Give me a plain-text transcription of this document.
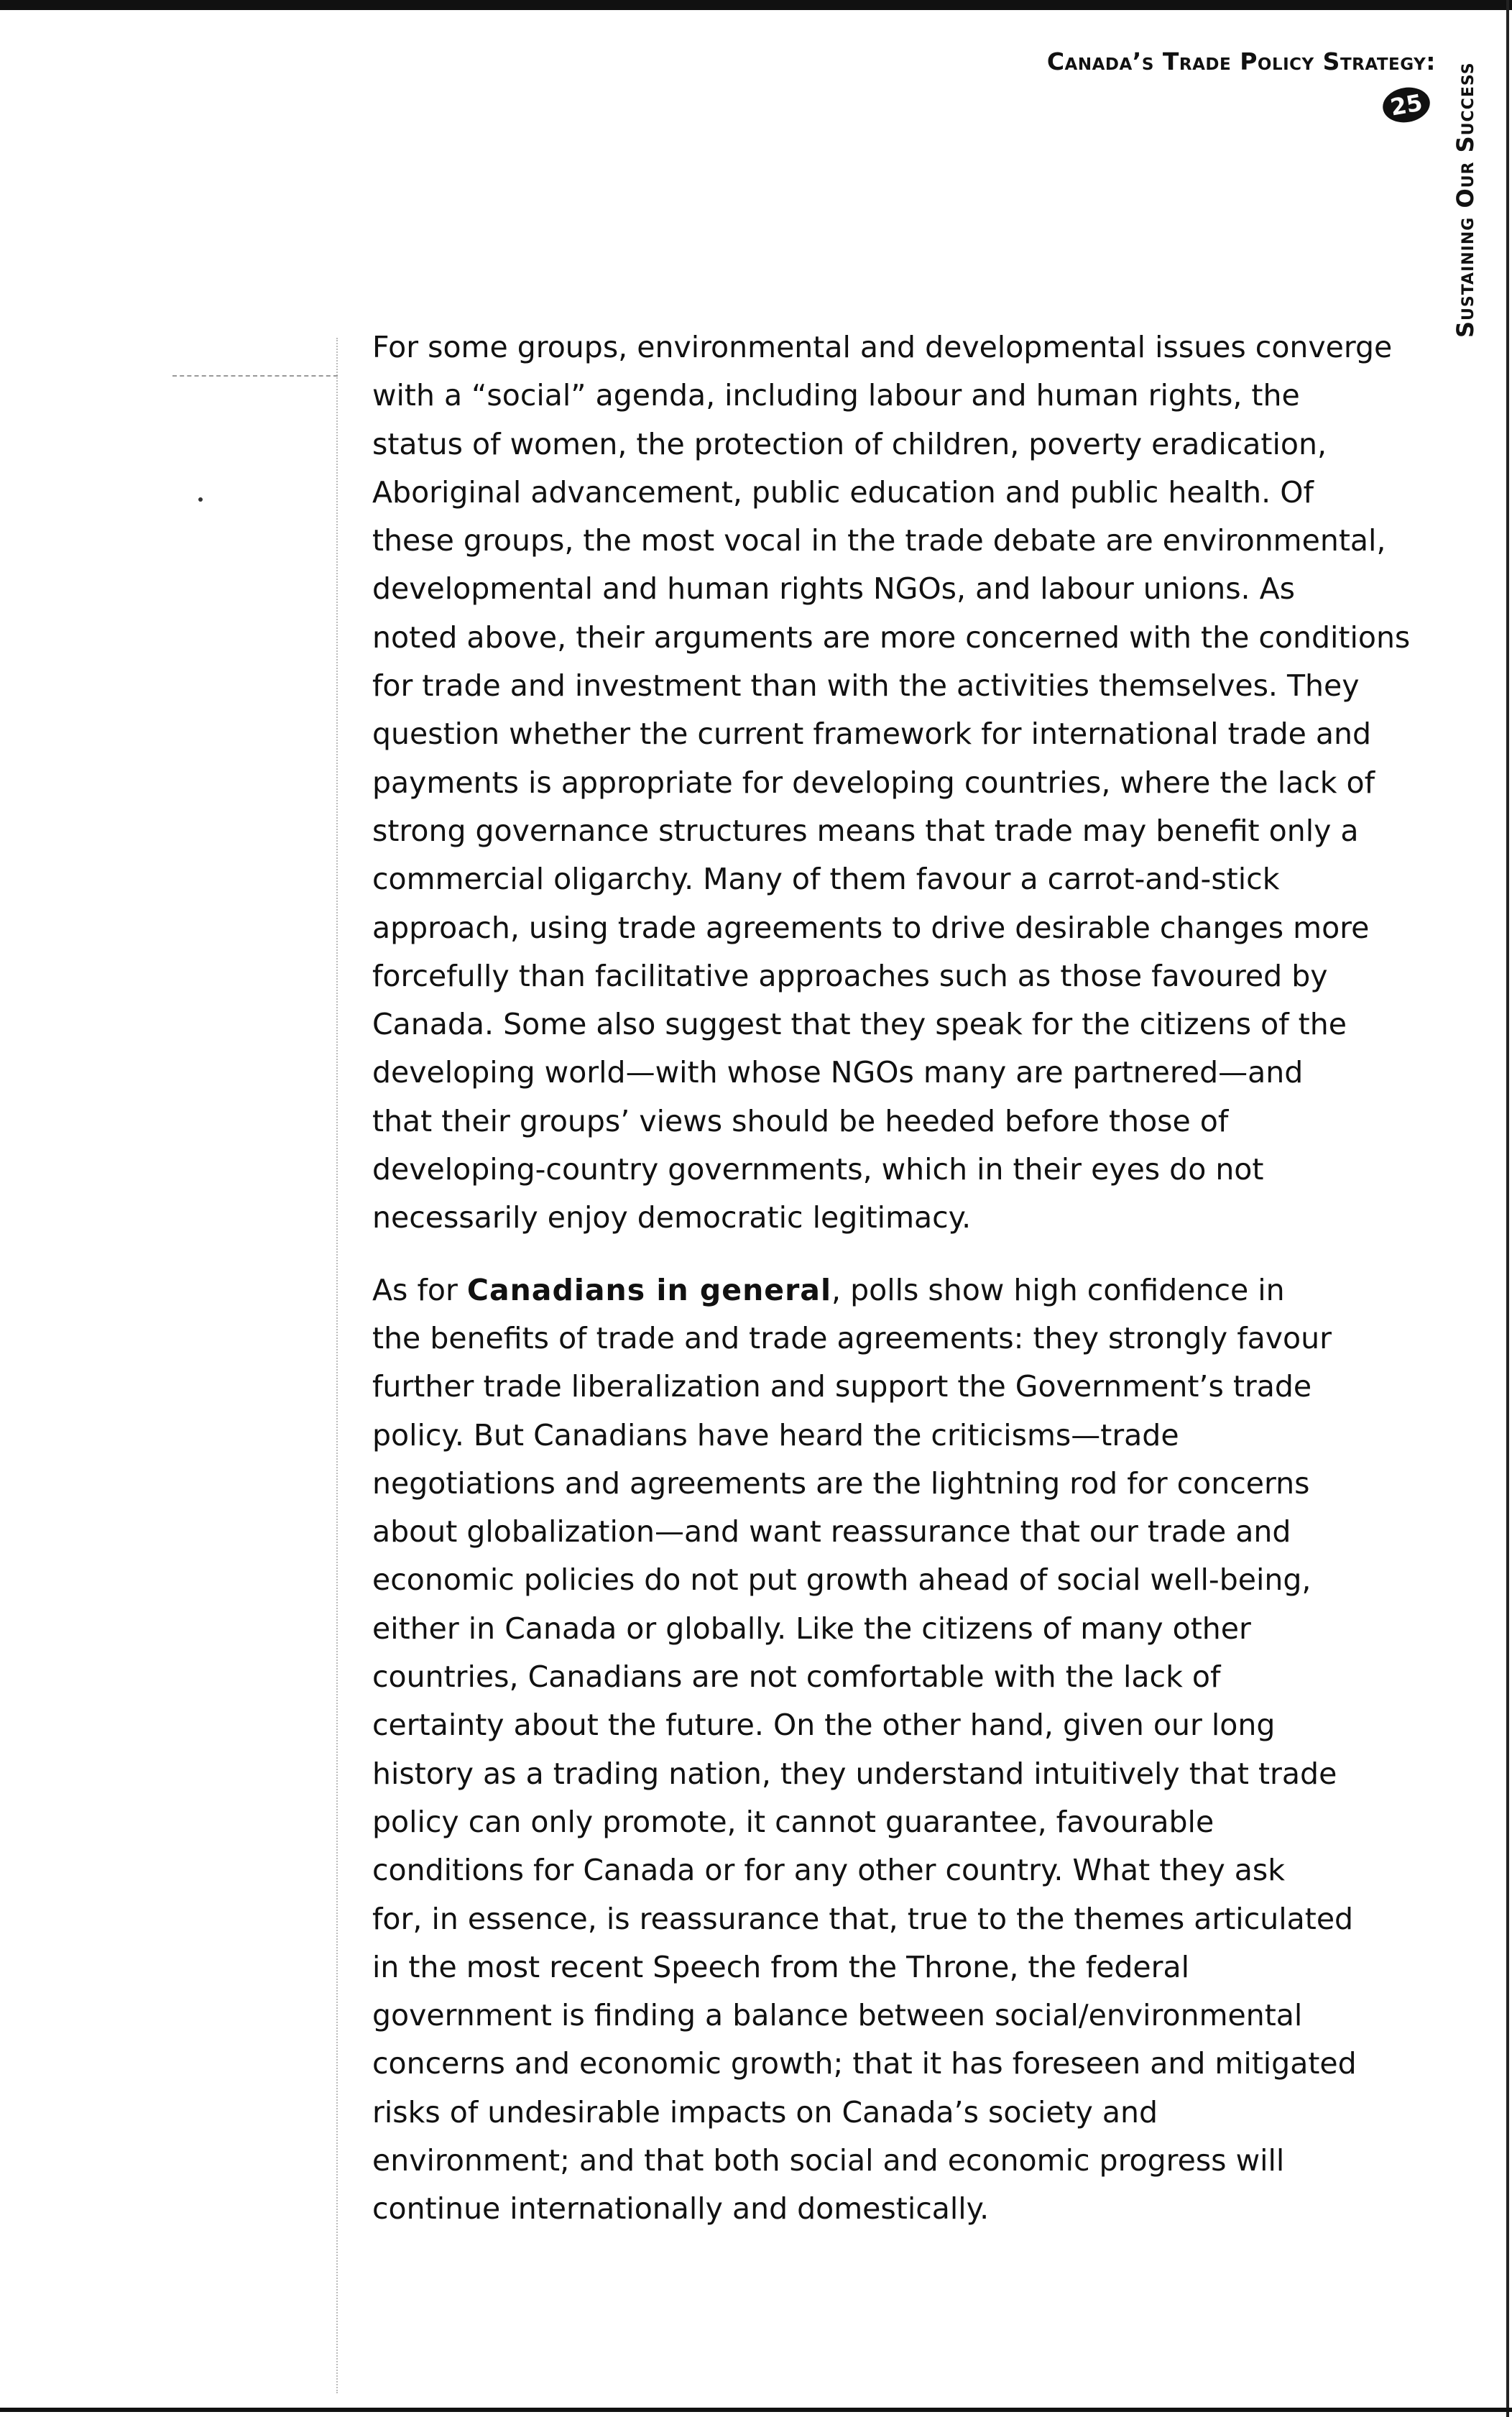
Canada’s Trade Policy Strategy:
25	Sustaining Our Success

For some groups, environmental and developmental issues converge
with a “social” agenda, including labour and human rights, the
status of women, the protection of children, poverty eradication,
Aboriginal advancement, public education and public health. Of
these groups, the most vocal in the trade debate are environmental,
developmental and human rights NGOs, and labour unions. As
noted above, their arguments are more concerned with the conditions
for trade and investment than with the activities themselves. They
question whether the current framework for international trade and
payments is appropriate for developing countries, where the lack of
strong governance structures means that trade may benefit only a
commercial oligarchy. Many of them favour a carrot-and-stick
approach, using trade agreements to drive desirable changes more
forcefully than facilitative approaches such as those favoured by
Canada. Some also suggest that they speak for the citizens of the
developing world—with whose NGOs many are partnered—and
that their groups’ views should be heeded before those of
developing-country governments, which in their eyes do not
necessarily enjoy democratic legitimacy.

As for Canadians in general, polls show high confidence in
the benefits of trade and trade agreements: they strongly favour
further trade liberalization and support the Government’s trade
policy. But Canadians have heard the criticisms—trade
negotiations and agreements are the lightning rod for concerns
about globalization—and want reassurance that our trade and
economic policies do not put growth ahead of social well-being,
either in Canada or globally. Like the citizens of many other
countries, Canadians are not comfortable with the lack of
certainty about the future. On the other hand, given our long
history as a trading nation, they understand intuitively that trade
policy can only promote, it cannot guarantee, favourable
conditions for Canada or for any other country. What they ask
for, in essence, is reassurance that, true to the themes articulated
in the most recent Speech from the Throne, the federal
government is finding a balance between social/environmental
concerns and economic growth; that it has foreseen and mitigated
risks of undesirable impacts on Canada’s society and
environment; and that both social and economic progress will
continue internationally and domestically.
